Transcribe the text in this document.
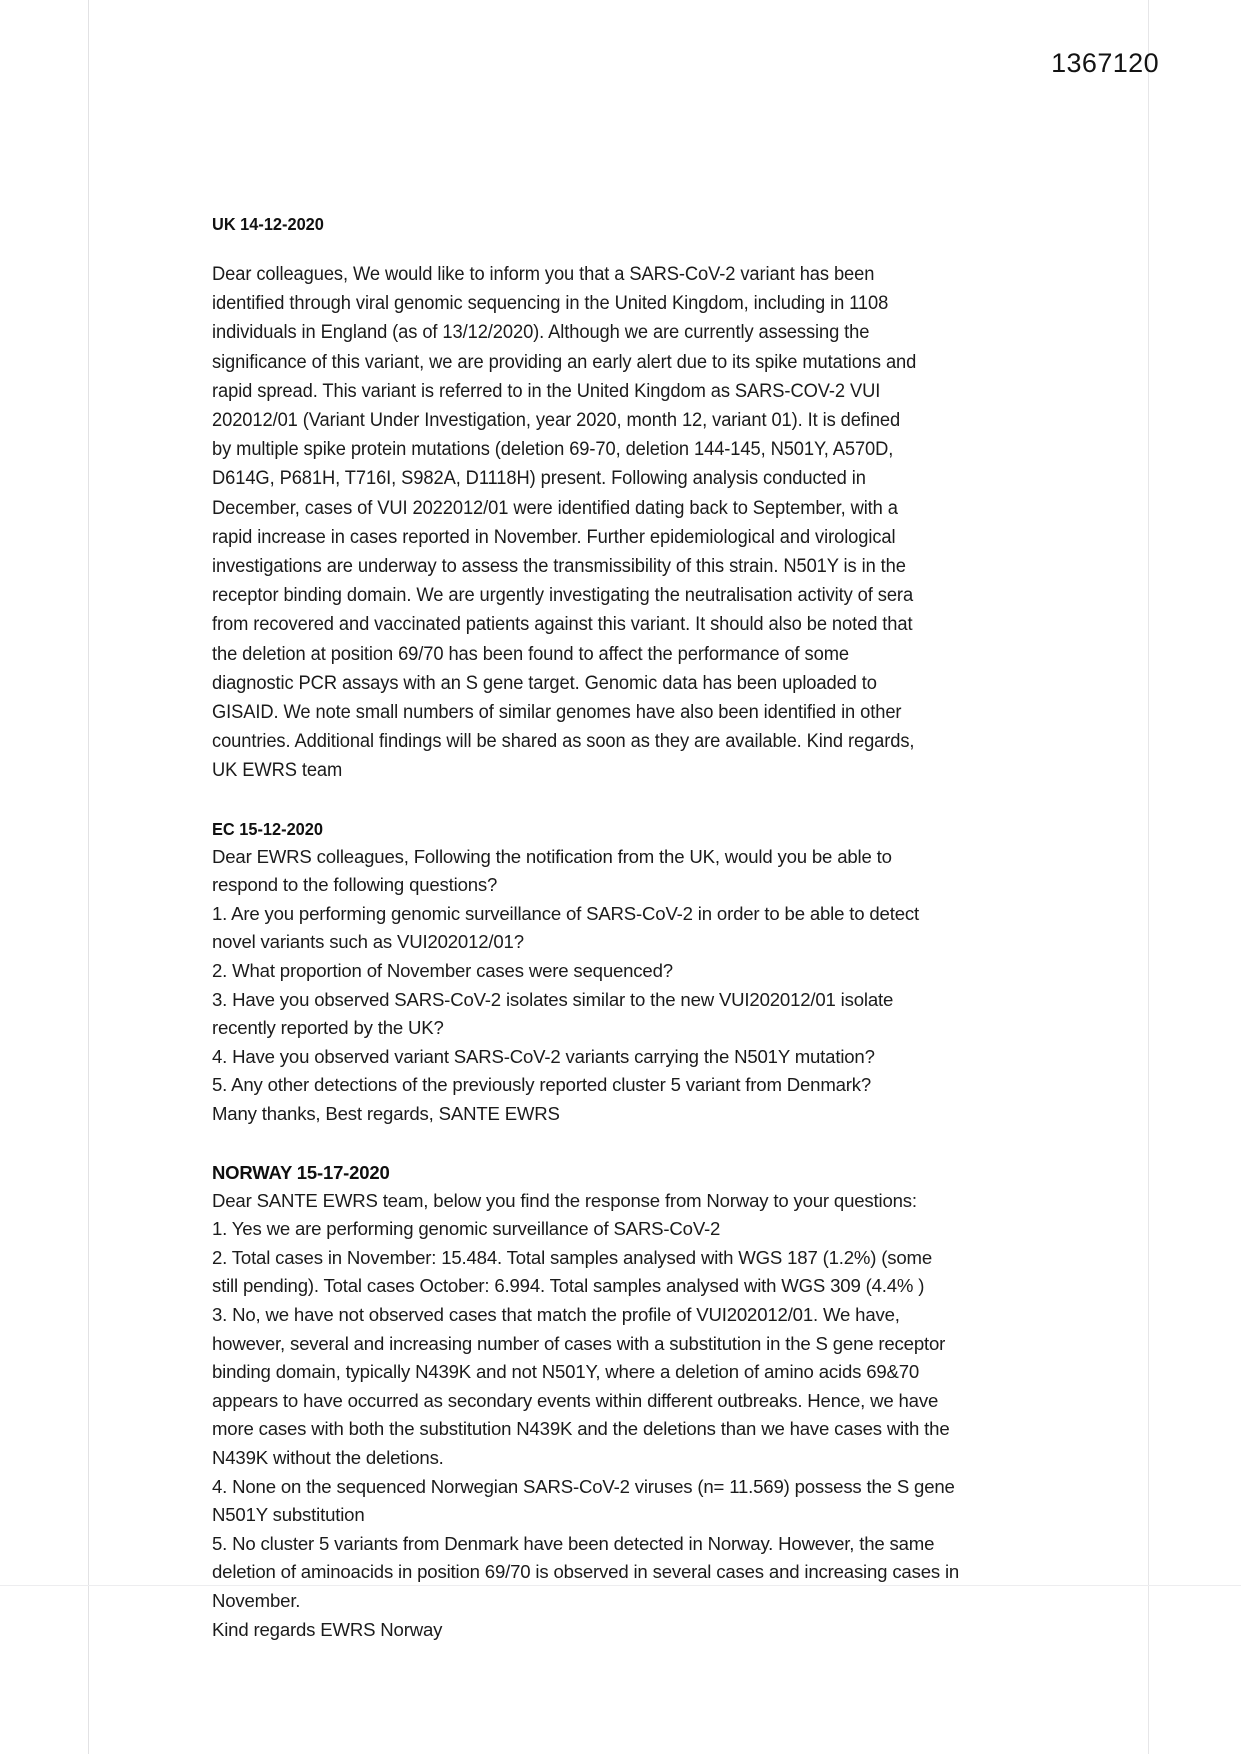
1367120
UK 14-12-2020
Dear colleagues, We would like to inform you that a SARS-CoV-2 variant has been
identified through viral genomic sequencing in the United Kingdom, including in 1108
individuals in England (as of 13/12/2020). Although we are currently assessing the
significance of this variant, we are providing an early alert due to its spike mutations and
rapid spread. This variant is referred to in the United Kingdom as SARS-COV-2 VUI
202012/01 (Variant Under Investigation, year 2020, month 12, variant 01). It is defined
by multiple spike protein mutations (deletion 69-70, deletion 144-145, N501Y, A570D,
D614G, P681H, T716I, S982A, D1118H) present. Following analysis conducted in
December, cases of VUI 2022012/01 were identified dating back to September, with a
rapid increase in cases reported in November. Further epidemiological and virological
investigations are underway to assess the transmissibility of this strain. N501Y is in the
receptor binding domain. We are urgently investigating the neutralisation activity of sera
from recovered and vaccinated patients against this variant. It should also be noted that
the deletion at position 69/70 has been found to affect the performance of some
diagnostic PCR assays with an S gene target. Genomic data has been uploaded to
GISAID. We note small numbers of similar genomes have also been identified in other
countries. Additional findings will be shared as soon as they are available. Kind regards,
UK EWRS team
EC 15-12-2020
Dear EWRS colleagues, Following the notification from the UK, would you be able to
respond to the following questions?
1. Are you performing genomic surveillance of SARS-CoV-2 in order to be able to detect
novel variants such as VUI202012/01?
2. What proportion of November cases were sequenced?
3. Have you observed SARS-CoV-2 isolates similar to the new VUI202012/01 isolate
recently reported by the UK?
4. Have you observed variant SARS-CoV-2 variants carrying the N501Y mutation?
5. Any other detections of the previously reported cluster 5 variant from Denmark?
Many thanks, Best regards, SANTE EWRS
NORWAY 15-17-2020
Dear SANTE EWRS team, below you find the response from Norway to your questions:
1. Yes we are performing genomic surveillance of SARS-CoV-2
2. Total cases in November: 15.484. Total samples analysed with WGS 187 (1.2%) (some
still pending). Total cases October: 6.994. Total samples analysed with WGS 309 (4.4% )
3. No, we have not observed cases that match the profile of VUI202012/01. We have,
however, several and increasing number of cases with a substitution in the S gene receptor
binding domain, typically N439K and not N501Y, where a deletion of amino acids 69&70
appears to have occurred as secondary events within different outbreaks. Hence, we have
more cases with both the substitution N439K and the deletions than we have cases with the
N439K without the deletions.
4. None on the sequenced Norwegian SARS-CoV-2 viruses (n= 11.569) possess the S gene
N501Y substitution
5. No cluster 5 variants from Denmark have been detected in Norway. However, the same
deletion of aminoacids in position 69/70 is observed in several cases and increasing cases in
November.
Kind regards EWRS Norway
